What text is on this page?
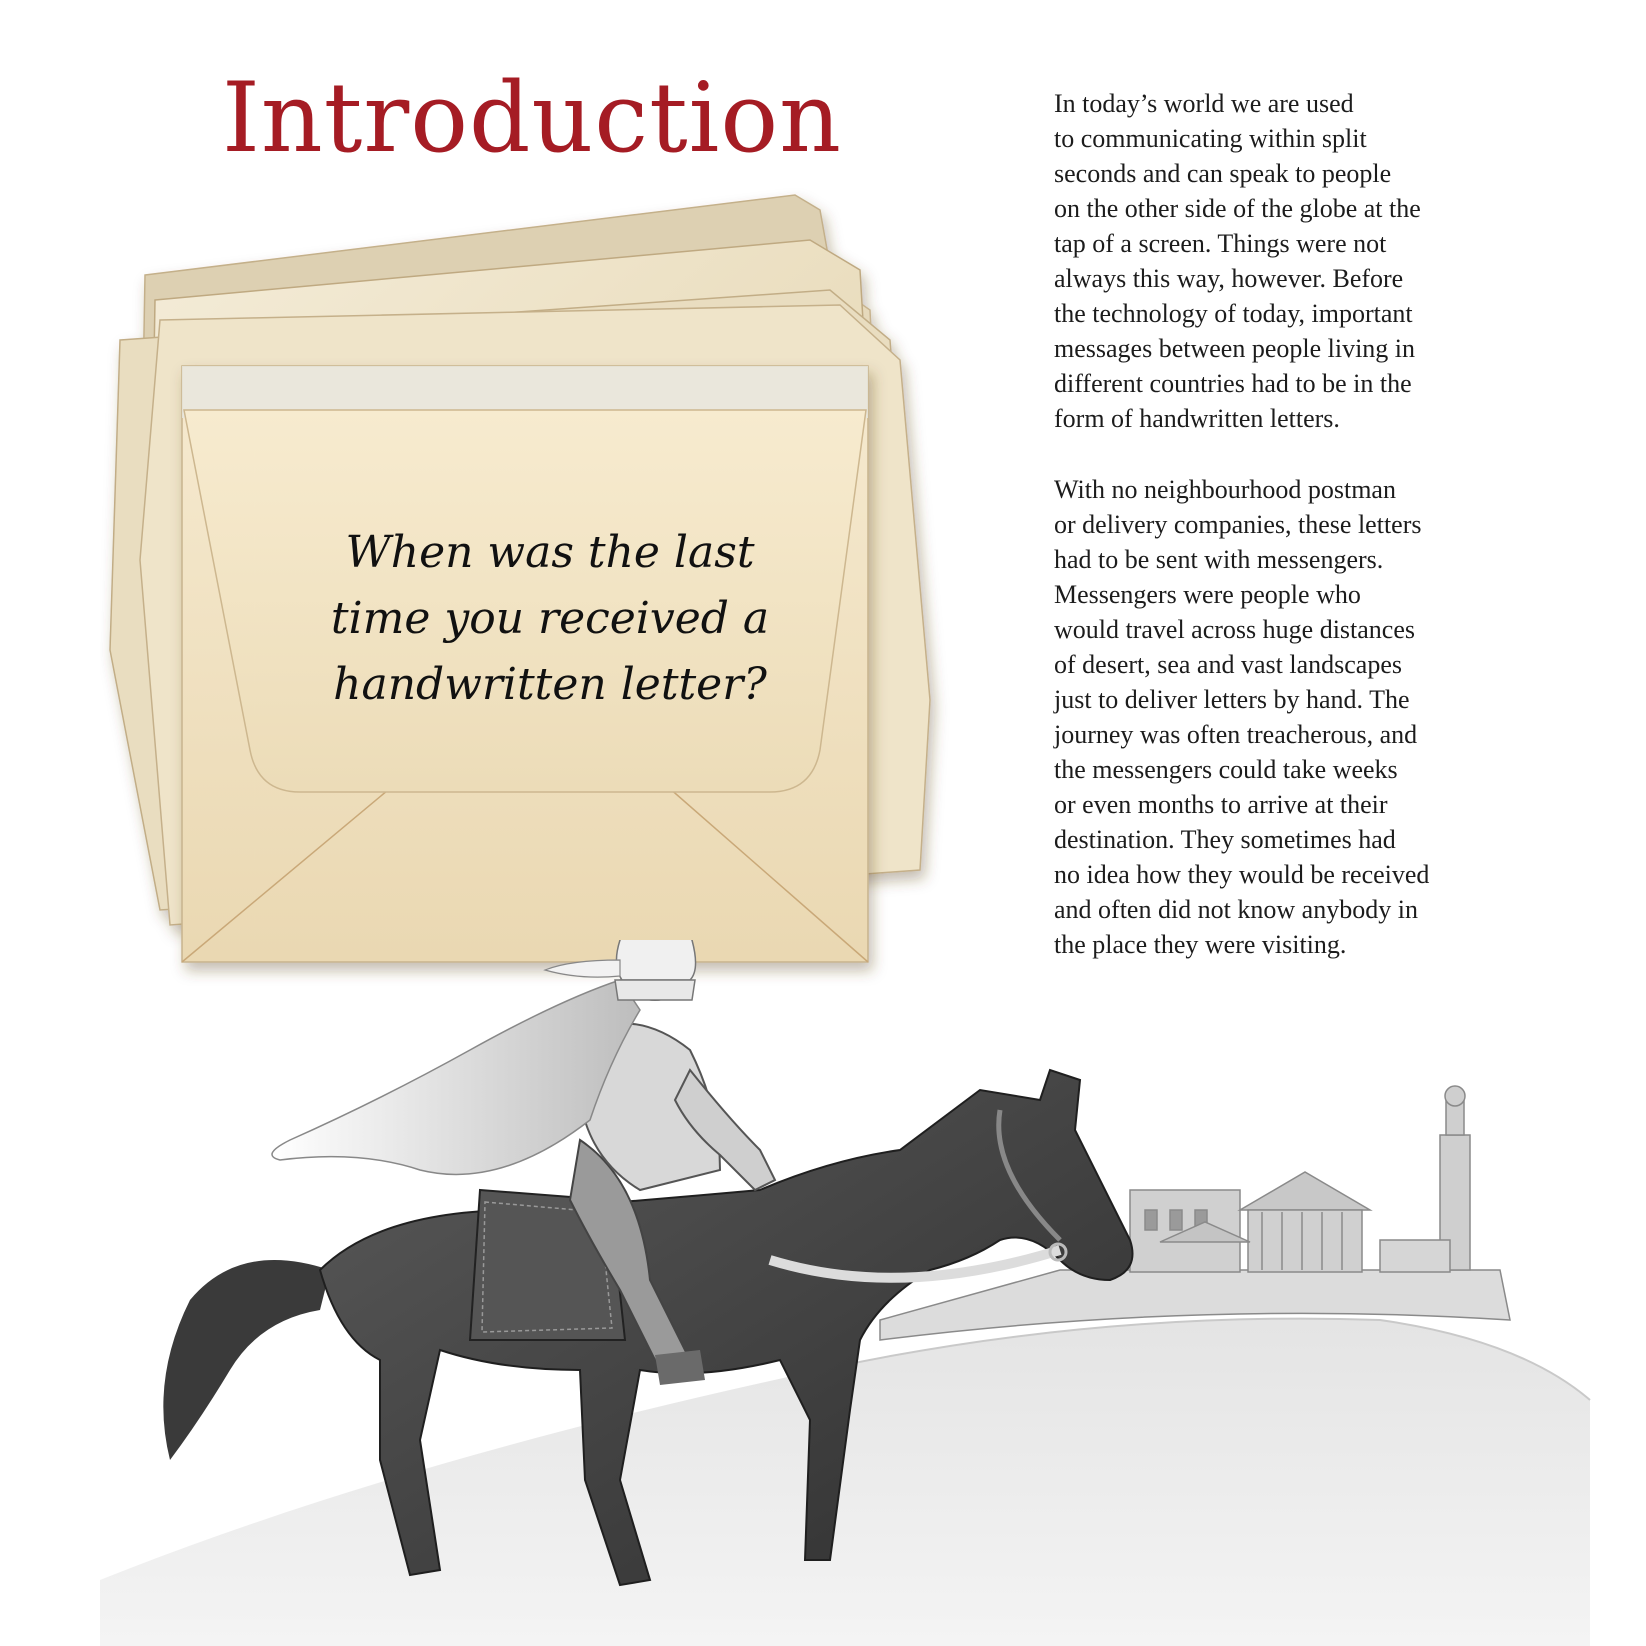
Introduction
When was the last
time you received a
handwritten letter?
In today’s world we are used
to communicating within split
seconds and can speak to people
on the other side of the globe at the
tap of a screen. Things were not
always this way, however. Before
the technology of today, important
messages between people living in
different countries had to be in the
form of handwritten letters.
With no neighbourhood postman
or delivery companies, these letters
had to be sent with messengers.
Messengers were people who
would travel across huge distances
of desert, sea and vast landscapes
just to deliver letters by hand. The
journey was often treacherous, and
the messengers could take weeks
or even months to arrive at their
destination. They sometimes had
no idea how they would be received
and often did not know anybody in
the place they were visiting.
